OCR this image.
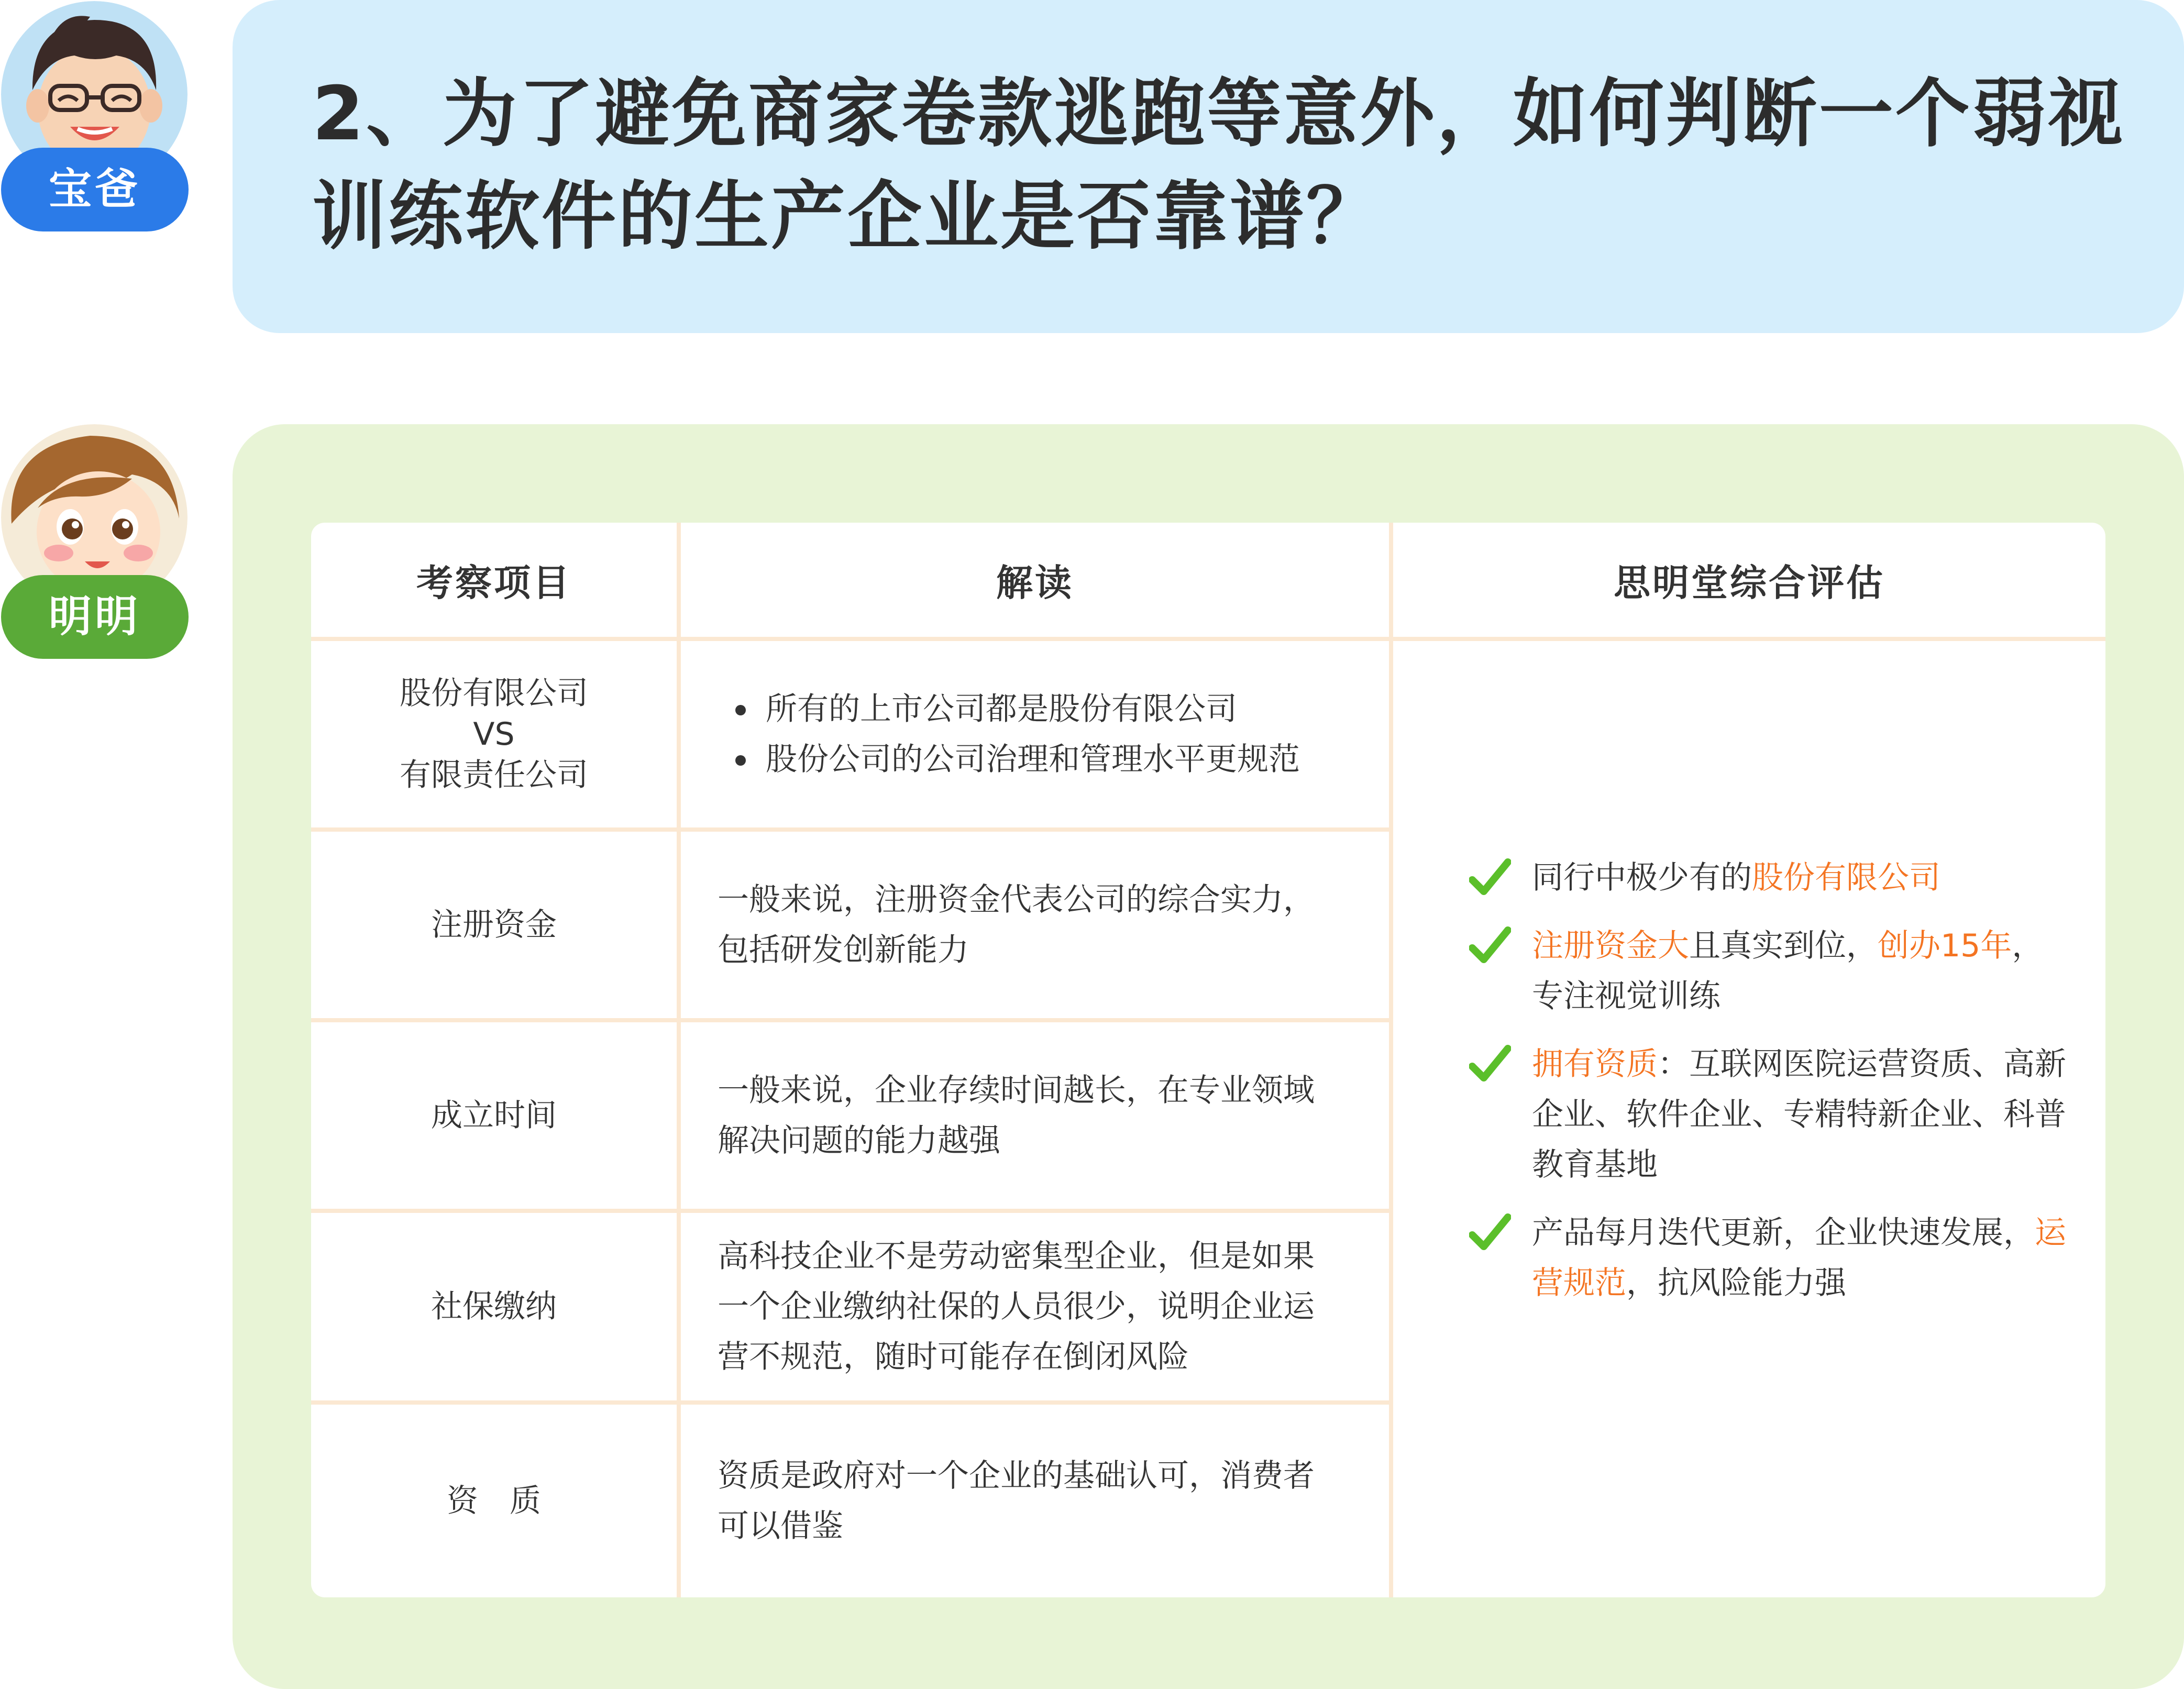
宝爸
2、为了避免商家卷款逃跑等意外，如何判断一个弱视训练软件的生产企业是否靠谱？
明明
考察项目	解读	思明堂综合评估
股份有限公司
VS
有限责任公司
所有的上市公司都是股份有限公司
股份公司的公司治理和管理水平更规范
注册资金
一般来说，注册资金代表公司的综合实力，
包括研发创新能力
成立时间
一般来说，企业存续时间越长，在专业领域
解决问题的能力越强
社保缴纳
高科技企业不是劳动密集型企业，但是如果
一个企业缴纳社保的人员很少，说明企业运
营不规范，随时可能存在倒闭风险
资　质
资质是政府对一个企业的基础认可，消费者
可以借鉴
同行中极少有的股份有限公司
注册资金大且真实到位，创办15年，专注视觉训练
拥有资质：互联网医院运营资质、高新企业、软件企业、专精特新企业、科普教育基地
产品每月迭代更新，企业快速发展，运营规范，抗风险能力强
